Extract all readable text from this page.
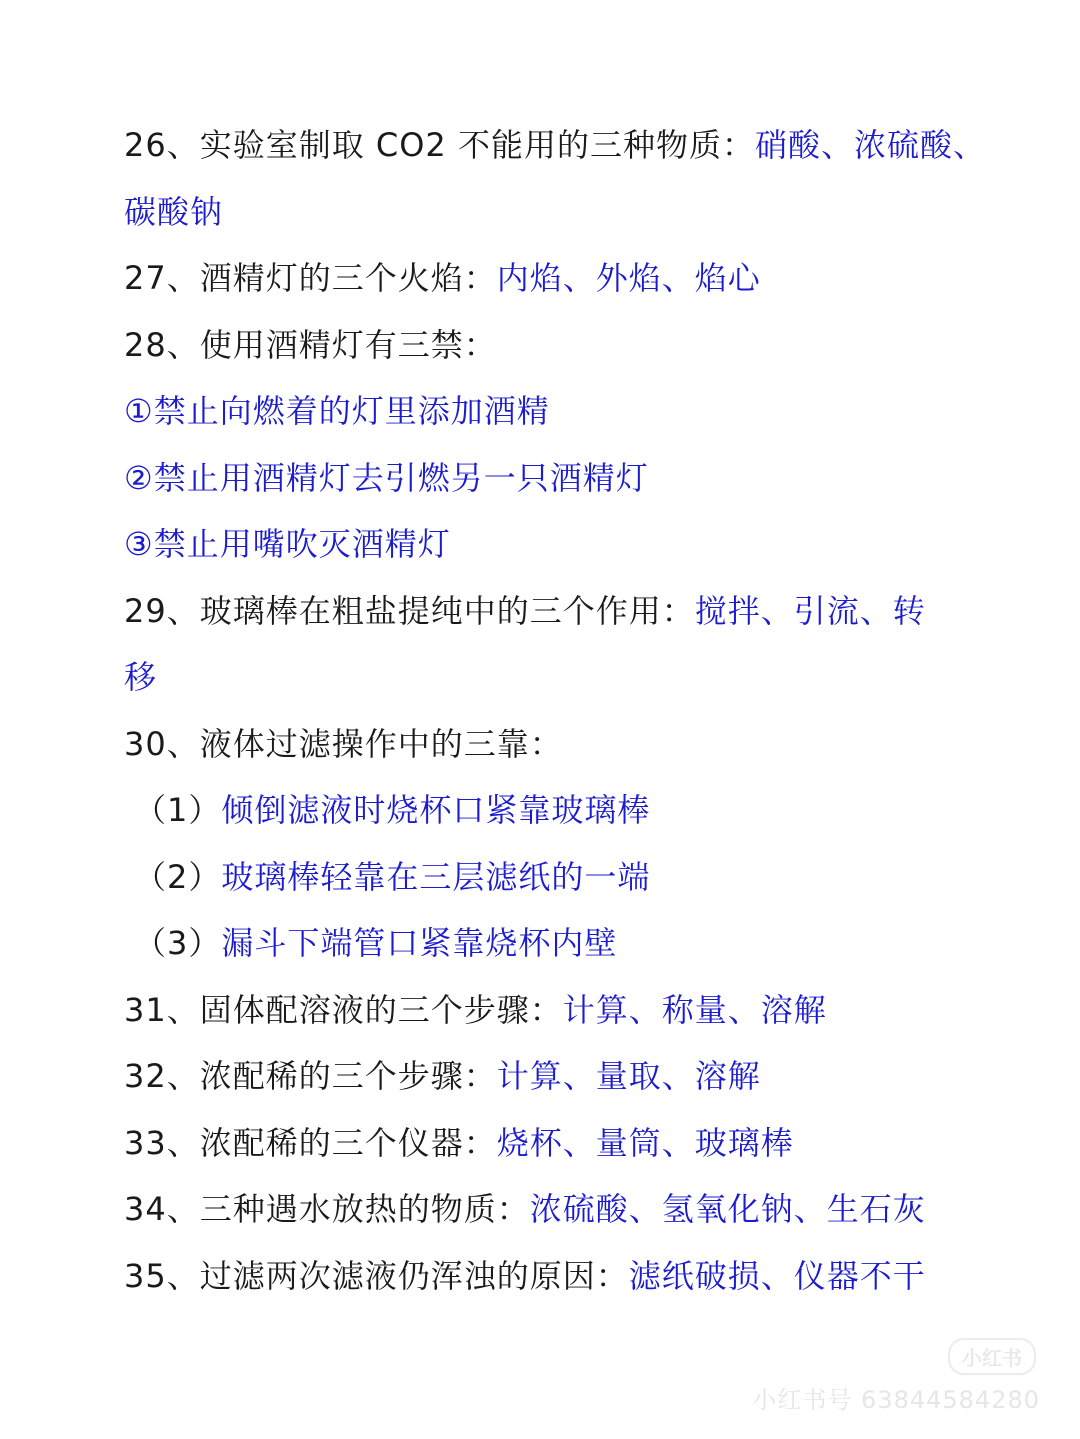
26、实验室制取 CO2 不能用的三种物质：硝酸、浓硫酸、
碳酸钠
27、酒精灯的三个火焰：内焰、外焰、焰心
28、使用酒精灯有三禁：
①禁止向燃着的灯里添加酒精
②禁止用酒精灯去引燃另一只酒精灯
③禁止用嘴吹灭酒精灯
29、玻璃棒在粗盐提纯中的三个作用：搅拌、引流、转
移
30、液体过滤操作中的三靠：
（1）倾倒滤液时烧杯口紧靠玻璃棒
（2）玻璃棒轻靠在三层滤纸的一端
（3）漏斗下端管口紧靠烧杯内壁
31、固体配溶液的三个步骤：计算、称量、溶解
32、浓配稀的三个步骤：计算、量取、溶解
33、浓配稀的三个仪器：烧杯、量筒、玻璃棒
34、三种遇水放热的物质：浓硫酸、氢氧化钠、生石灰
35、过滤两次滤液仍浑浊的原因：滤纸破损、仪器不干
小红书
小红书号 63844584280
